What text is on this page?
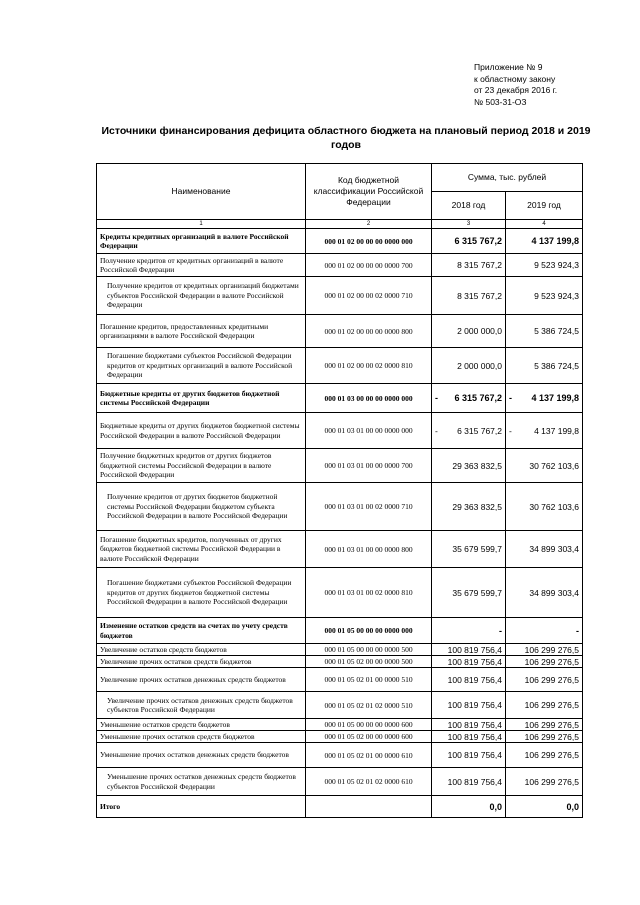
Приложение № 9
к областному закону
от 23 декабря 2016 г.
№ 503-31-ОЗ
Источники финансирования дефицита областного бюджета на плановый период 2018 и 2019 годов
Наименование	Код бюджетной классификации Российской Федерации	Сумма, тыс. рублей	
		2018 год	2019 год
1	2	3	4
Кредиты кредитных организаций в валюте Российской Федерации	000 01 02 00 00 00 0000 000	6 315 767,2	4 137 199,8
Получение кредитов от кредитных организаций в валюте Российской Федерации	000 01 02 00 00 00 0000 700	8 315 767,2	9 523 924,3
Получение кредитов от кредитных организаций бюджетами субъектов Российской Федерации в валюте Российской Федерации	000 01 02 00 00 02 0000 710	8 315 767,2	9 523 924,3
Погашение кредитов, предоставленных кредитными организациями в валюте Российской Федерации	000 01 02 00 00 00 0000 800	2 000 000,0	5 386 724,5
Погашение бюджетами субъектов Российской Федерации кредитов от кредитных организаций в валюте Российской Федерации	000 01 02 00 00 02 0000 810	2 000 000,0	5 386 724,5
Бюджетные кредиты от других бюджетов бюджетной системы Российской Федерации	000 01 03 00 00 00 0000 000	- 6 315 767,2	- 4 137 199,8
Бюджетные кредиты от других бюджетов бюджетной системы Российской Федерации в валюте Российской Федерации	000 01 03 01 00 00 0000 000	- 6 315 767,2	- 4 137 199,8
Получение бюджетных кредитов от других бюджетов бюджетной системы Российской Федерации в валюте Российской Федерации	000 01 03 01 00 00 0000 700	29 363 832,5	30 762 103,6
Получение кредитов от других бюджетов бюджетной системы Российской Федерации бюджетом субъекта Российской Федерации в валюте Российской Федерации	000 01 03 01 00 02 0000 710	29 363 832,5	30 762 103,6
Погашение бюджетных кредитов, полученных от других бюджетов бюджетной системы Российской Федерации в валюте Российской Федерации	000 01 03 01 00 00 0000 800	35 679 599,7	34 899 303,4
Погашение бюджетами субъектов Российской Федерации кредитов от других бюджетов бюджетной системы Российской Федерации в валюте Российской Федерации	000 01 03 01 00 02 0000 810	35 679 599,7	34 899 303,4
Изменение остатков средств на счетах по учету средств бюджетов	000 01 05 00 00 00 0000 000	-	-
Увеличение остатков средств бюджетов	000 01 05 00 00 00 0000 500	100 819 756,4	106 299 276,5
Увеличение прочих остатков средств бюджетов	000 01 05 02 00 00 0000 500	100 819 756,4	106 299 276,5
Увеличение прочих остатков денежных средств бюджетов	000 01 05 02 01 00 0000 510	100 819 756,4	106 299 276,5
Увеличение прочих остатков денежных средств бюджетов субъектов Российской Федерации	000 01 05 02 01 02 0000 510	100 819 756,4	106 299 276,5
Уменьшение остатков средств бюджетов	000 01 05 00 00 00 0000 600	100 819 756,4	106 299 276,5
Уменьшение прочих остатков средств бюджетов	000 01 05 02 00 00 0000 600	100 819 756,4	106 299 276,5
Уменьшение прочих остатков денежных средств бюджетов	000 01 05 02 01 00 0000 610	100 819 756,4	106 299 276,5
Уменьшение прочих остатков денежных средств бюджетов субъектов Российской Федерации	000 01 05 02 01 02 0000 610	100 819 756,4	106 299 276,5
Итого		0,0	0,0
